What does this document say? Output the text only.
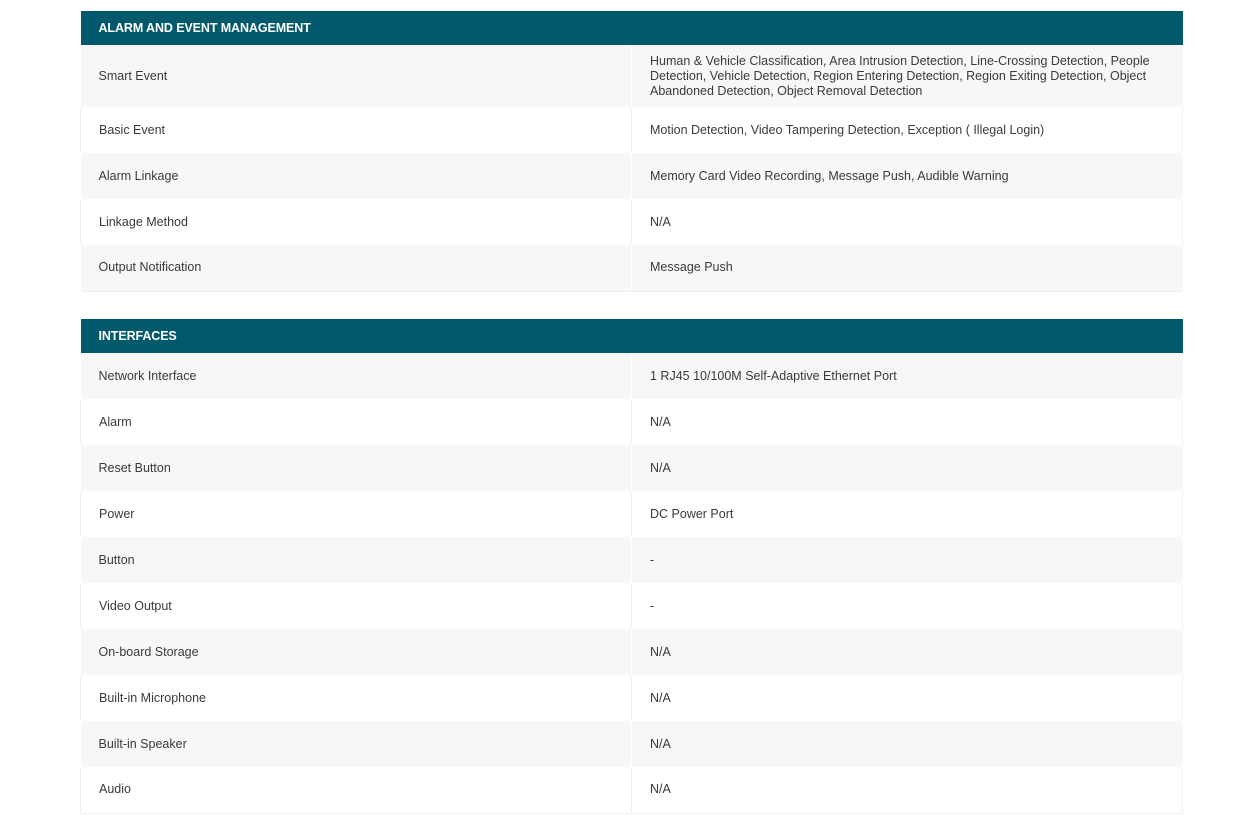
ALARM AND EVENT MANAGEMENT	
Smart Event	Human & Vehicle Classification, Area Intrusion Detection, Line-Crossing Detection, People Detection, Vehicle Detection, Region Entering Detection, Region Exiting Detection, Object Abandoned Detection, Object Removal Detection
Basic Event	Motion Detection, Video Tampering Detection, Exception ( Illegal Login)
Alarm Linkage	Memory Card Video Recording, Message Push, Audible Warning
Linkage Method	N/A
Output Notification	Message Push
INTERFACES	
Network Interface	1 RJ45 10/100M Self-Adaptive Ethernet Port
Alarm	N/A
Reset Button	N/A
Power	DC Power Port
Button	-
Video Output	-
On-board Storage	N/A
Built-in Microphone	N/A
Built-in Speaker	N/A
Audio	N/A
